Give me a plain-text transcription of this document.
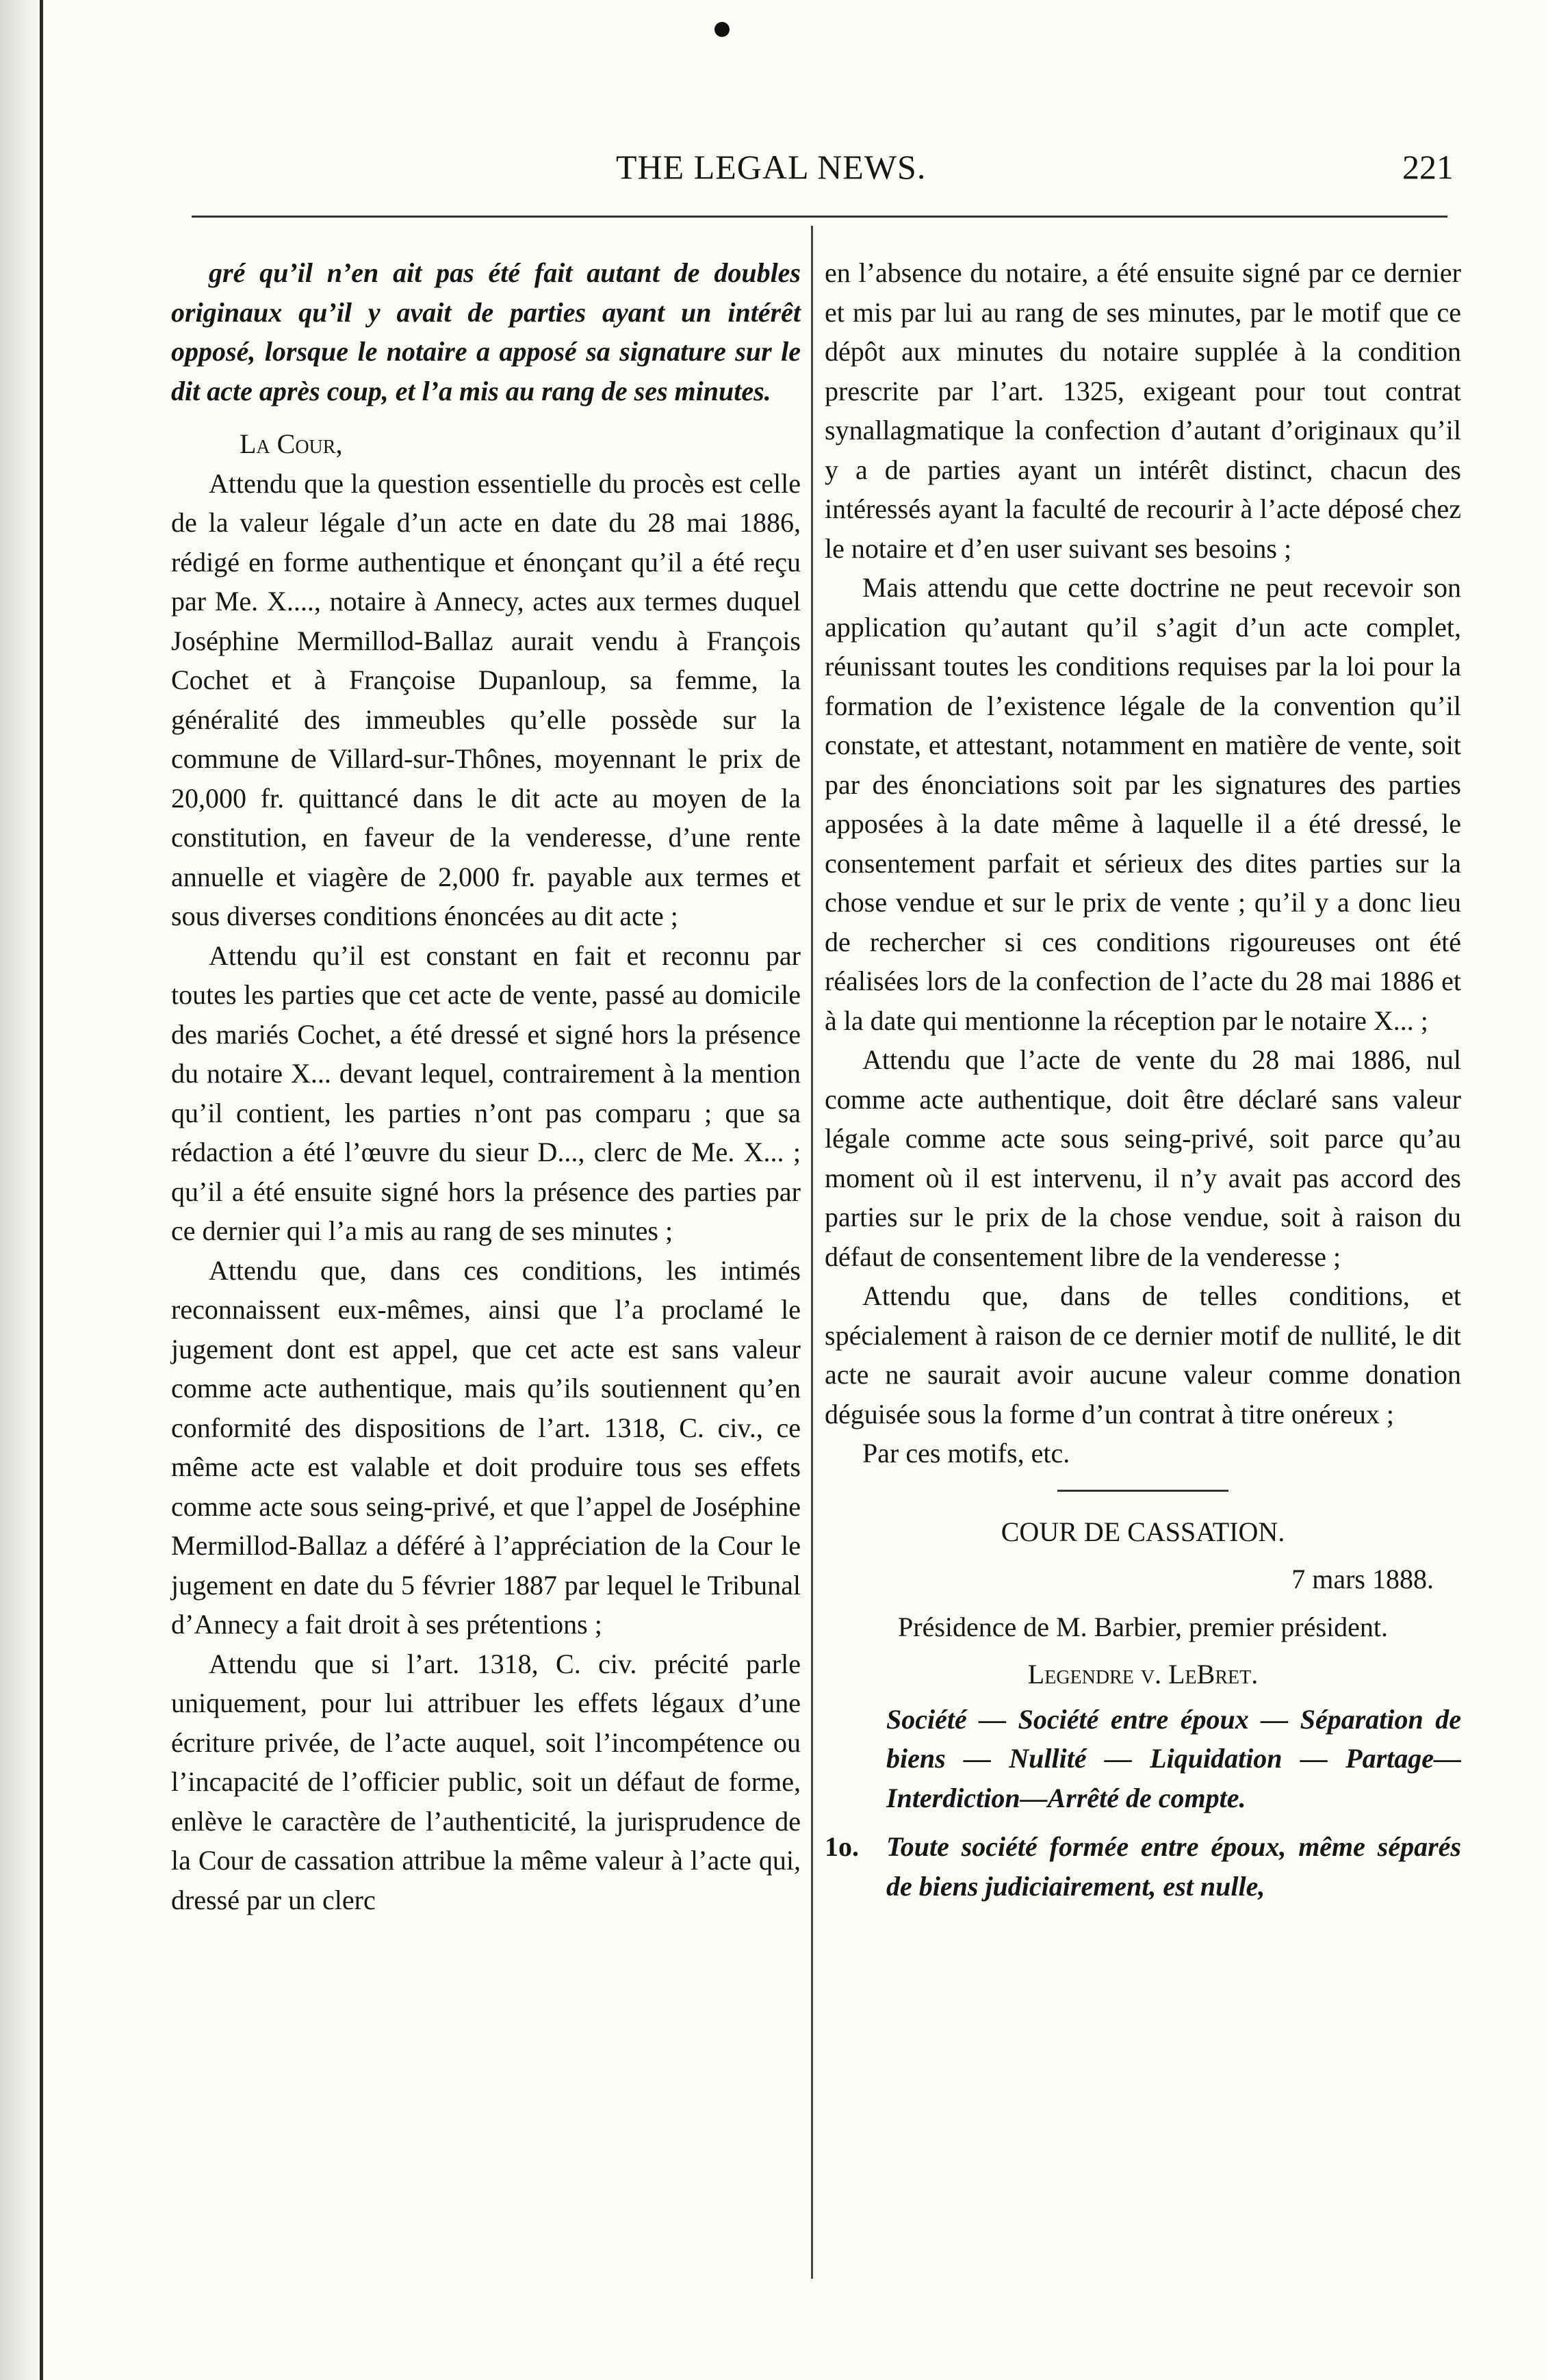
THE LEGAL NEWS.	221

gré qu’il n’en ait pas été fait autant de doubles originaux qu’il y avait de parties ayant un intérêt opposé, lorsque le notaire a apposé sa signature sur le dit acte après coup, et l’a mis au rang de ses minutes.

La Cour,

Attendu que la question essentielle du procès est celle de la valeur légale d’un acte en date du 28 mai 1886, rédigé en forme authentique et énonçant qu’il a été reçu par Me. X...., notaire à Annecy, actes aux termes duquel Joséphine Mermillod-Ballaz aurait vendu à François Cochet et à Françoise Dupanloup, sa femme, la généralité des immeubles qu’elle possède sur la commune de Villard-sur-Thônes, moyennant le prix de 20,000 fr. quittancé dans le dit acte au moyen de la constitution, en faveur de la venderesse, d’une rente annuelle et viagère de 2,000 fr. payable aux termes et sous diverses conditions énoncées au dit acte ;

Attendu qu’il est constant en fait et reconnu par toutes les parties que cet acte de vente, passé au domicile des mariés Cochet, a été dressé et signé hors la présence du notaire X... devant lequel, contrairement à la mention qu’il contient, les parties n’ont pas comparu ; que sa rédaction a été l’œuvre du sieur D..., clerc de Me. X... ; qu’il a été ensuite signé hors la présence des parties par ce dernier qui l’a mis au rang de ses minutes ;

Attendu que, dans ces conditions, les intimés reconnaissent eux-mêmes, ainsi que l’a proclamé le jugement dont est appel, que cet acte est sans valeur comme acte authentique, mais qu’ils soutiennent qu’en conformité des dispositions de l’art. 1318, C. civ., ce même acte est valable et doit produire tous ses effets comme acte sous seing-privé, et que l’appel de Joséphine Mermillod-Ballaz a déféré à l’appréciation de la Cour le jugement en date du 5 février 1887 par lequel le Tribunal d’Annecy a fait droit à ses prétentions ;

Attendu que si l’art. 1318, C. civ. précité parle uniquement, pour lui attribuer les effets légaux d’une écriture privée, de l’acte auquel, soit l’incompétence ou l’incapacité de l’officier public, soit un défaut de forme, enlève le caractère de l’authenticité, la jurisprudence de la Cour de cassation attribue la même valeur à l’acte qui, dressé par un clerc

en l’absence du notaire, a été ensuite signé par ce dernier et mis par lui au rang de ses minutes, par le motif que ce dépôt aux minutes du notaire supplée à la condition prescrite par l’art. 1325, exigeant pour tout contrat synallagmatique la confection d’autant d’originaux qu’il y a de parties ayant un intérêt distinct, chacun des intéressés ayant la faculté de recourir à l’acte déposé chez le notaire et d’en user suivant ses besoins ;

Mais attendu que cette doctrine ne peut recevoir son application qu’autant qu’il s’agit d’un acte complet, réunissant toutes les conditions requises par la loi pour la formation de l’existence légale de la convention qu’il constate, et attestant, notamment en matière de vente, soit par des énonciations soit par les signatures des parties apposées à la date même à laquelle il a été dressé, le consentement parfait et sérieux des dites parties sur la chose vendue et sur le prix de vente ; qu’il y a donc lieu de rechercher si ces conditions rigoureuses ont été réalisées lors de la confection de l’acte du 28 mai 1886 et à la date qui mentionne la réception par le notaire X... ;

Attendu que l’acte de vente du 28 mai 1886, nul comme acte authentique, doit être déclaré sans valeur légale comme acte sous seing-privé, soit parce qu’au moment où il est intervenu, il n’y avait pas accord des parties sur le prix de la chose vendue, soit à raison du défaut de consentement libre de la venderesse ;

Attendu que, dans de telles conditions, et spécialement à raison de ce dernier motif de nullité, le dit acte ne saurait avoir aucune valeur comme donation déguisée sous la forme d’un contrat à titre onéreux ;

Par ces motifs, etc.

COUR DE CASSATION.

7 mars 1888.

Présidence de M. Barbier, premier président.

Legendre v. LeBret.

Société — Société entre époux — Séparation de biens — Nullité — Liquidation — Partage— Interdiction—Arrêté de compte.

1o. Toute société formée entre époux, même séparés de biens judiciairement, est nulle,
